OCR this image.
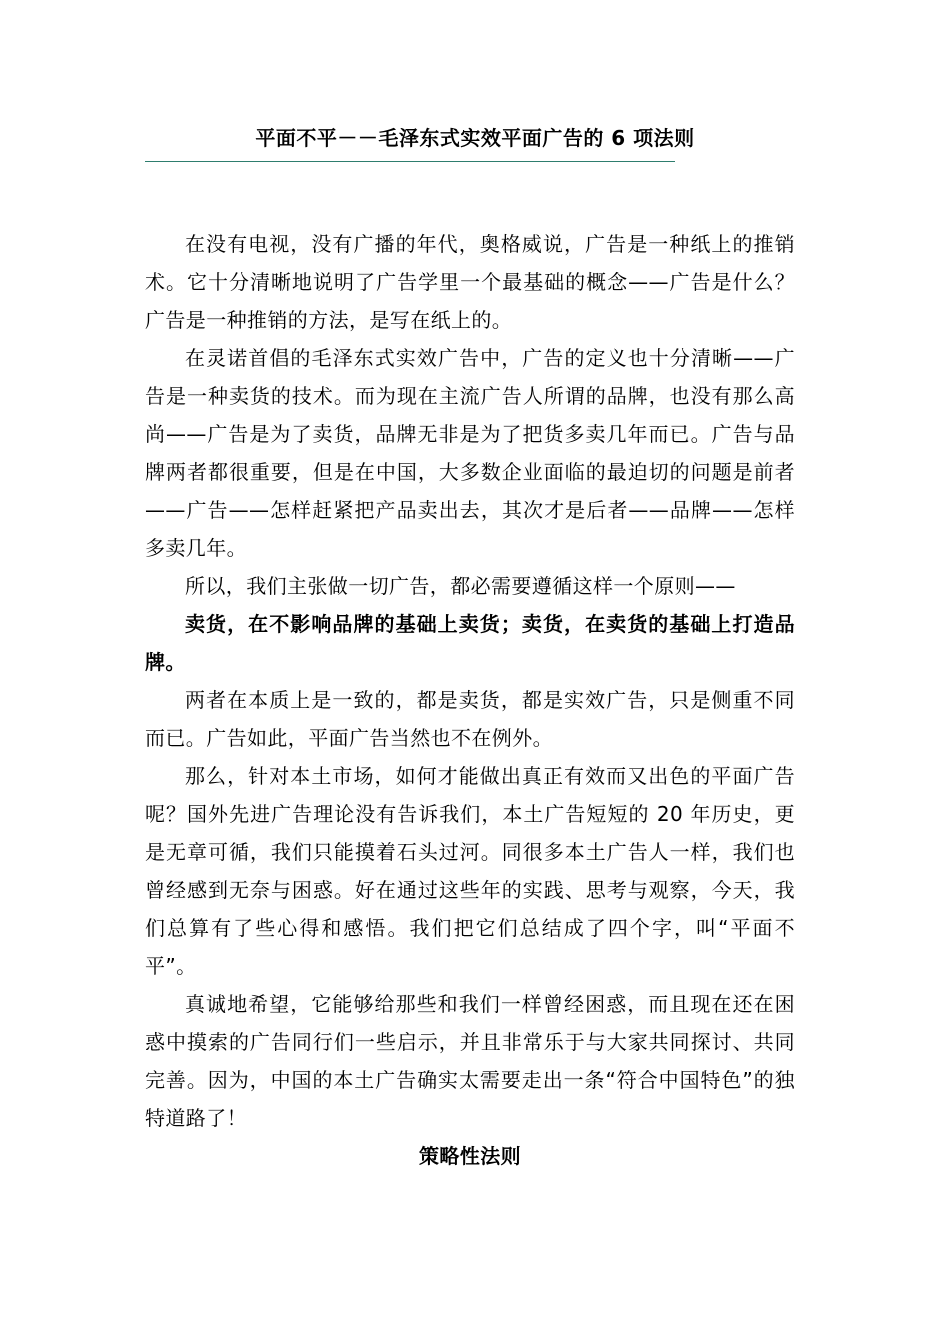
平面不平－－毛泽东式实效平面广告的 6 项法则

在没有电视，没有广播的年代，奥格威说，广告是一种纸上的推销术。它十分清晰地说明了广告学里一个最基础的概念——广告是什么？ 广告是一种推销的方法，是写在纸上的。

在灵诺首倡的毛泽东式实效广告中，广告的定义也十分清晰——广告是一种卖货的技术。而为现在主流广告人所谓的品牌，也没有那么高尚——广告是为了卖货，品牌无非是为了把货多卖几年而已。广告与品牌两者都很重要，但是在中国，大多数企业面临的最迫切的问题是前者——广告——怎样赶紧把产品卖出去，其次才是后者——品牌——怎样多卖几年。

所以，我们主张做一切广告，都必需要遵循这样一个原则——

卖货，在不影响品牌的基础上卖货；卖货，在卖货的基础上打造品牌。

两者在本质上是一致的，都是卖货，都是实效广告，只是侧重不同而已。广告如此，平面广告当然也不在例外。

那么，针对本土市场，如何才能做出真正有效而又出色的平面广告呢？国外先进广告理论没有告诉我们，本土广告短短的 20 年历史，更是无章可循，我们只能摸着石头过河。同很多本土广告人一样，我们也曾经感到无奈与困惑。好在通过这些年的实践、思考与观察，今天，我们总算有了些心得和感悟。我们把它们总结成了四个字，叫“平面不平”。

真诚地希望，它能够给那些和我们一样曾经困惑，而且现在还在困惑中摸索的广告同行们一些启示，并且非常乐于与大家共同探讨、共同完善。因为，中国的本土广告确实太需要走出一条“符合中国特色”的独特道路了！

策略性法则
